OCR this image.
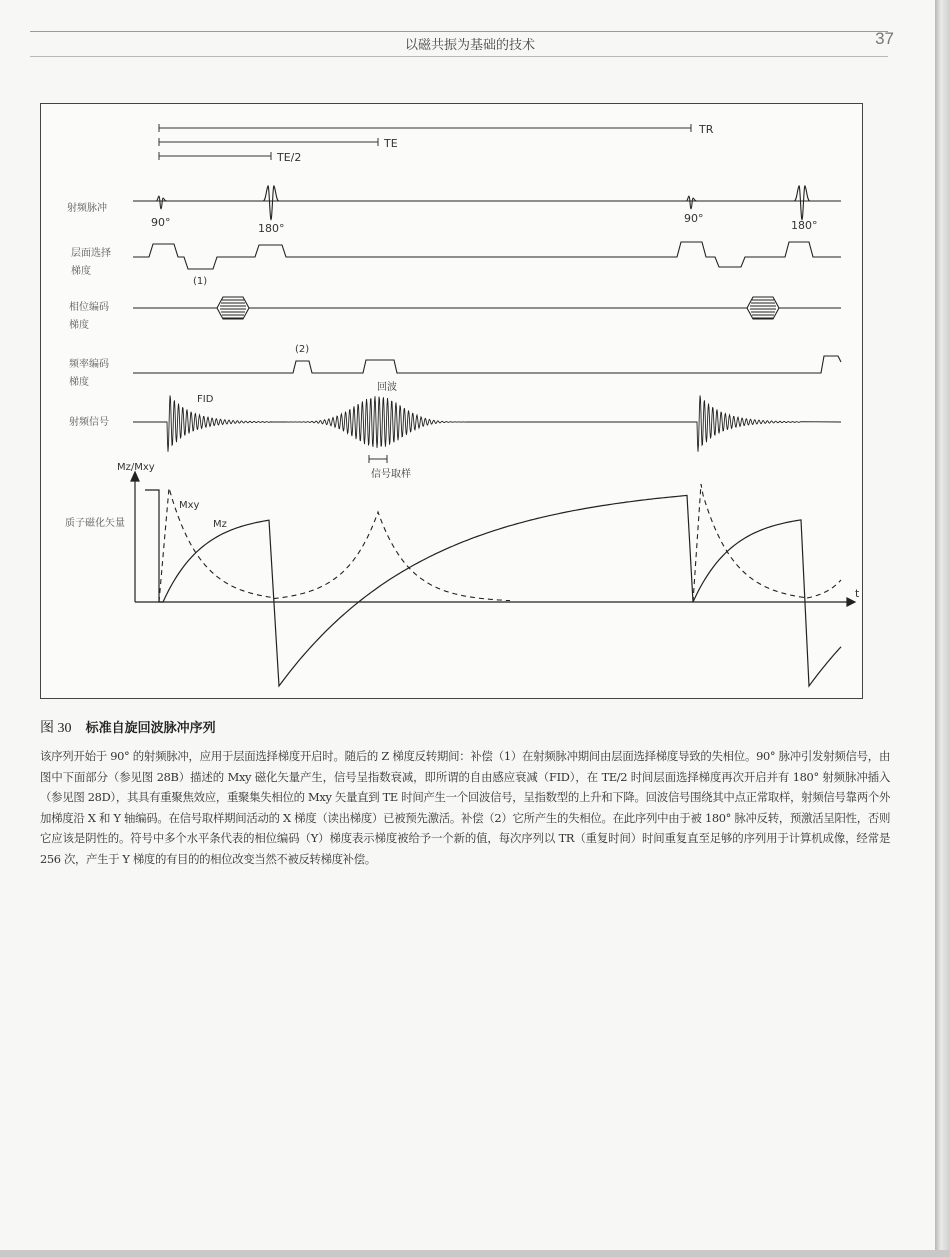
以磁共振为基础的技术	37
TR
TE
TE/2
射频脉冲
层面选择
梯度
相位编码
梯度
频率编码
梯度
射频信号
质子磁化矢量
90°	180°
90°
180°
(1)
(2)
FID
回波
信号取样
Mz/Mxy
t
Mxy
Mz
图 30 标准自旋回波脉冲序列
该序列开始于 90° 的射频脉冲，应用于层面选择梯度开启时。随后的 Z 梯度反转期间：补偿（1）在射频脉冲期间由层面选择梯度导致的失相位。90° 脉冲引发射频信号，由图中下面部分（参见图 28B）描述的 Mxy 磁化矢量产生，信号呈指数衰减，即所谓的自由感应衰减（FID），在 TE/2 时间层面选择梯度再次开启并有 180° 射频脉冲插入（参见图 28D），其具有重聚焦效应，重聚集失相位的 Mxy 矢量直到 TE 时间产生一个回波信号，呈指数型的上升和下降。回波信号围绕其中点正常取样，射频信号靠两个外加梯度沿 X 和 Y 轴编码。在信号取样期间活动的 X 梯度（读出梯度）已被预先激活。补偿（2）它所产生的失相位。在此序列中由于被 180° 脉冲反转，预激活呈阳性，否则它应该是阴性的。符号中多个水平条代表的相位编码（Y）梯度表示梯度被给予一个新的值，每次序列以 TR（重复时间）时间重复直至足够的序列用于计算机成像，经常是 256 次，产生于 Y 梯度的有目的的相位改变当然不被反转梯度补偿。
